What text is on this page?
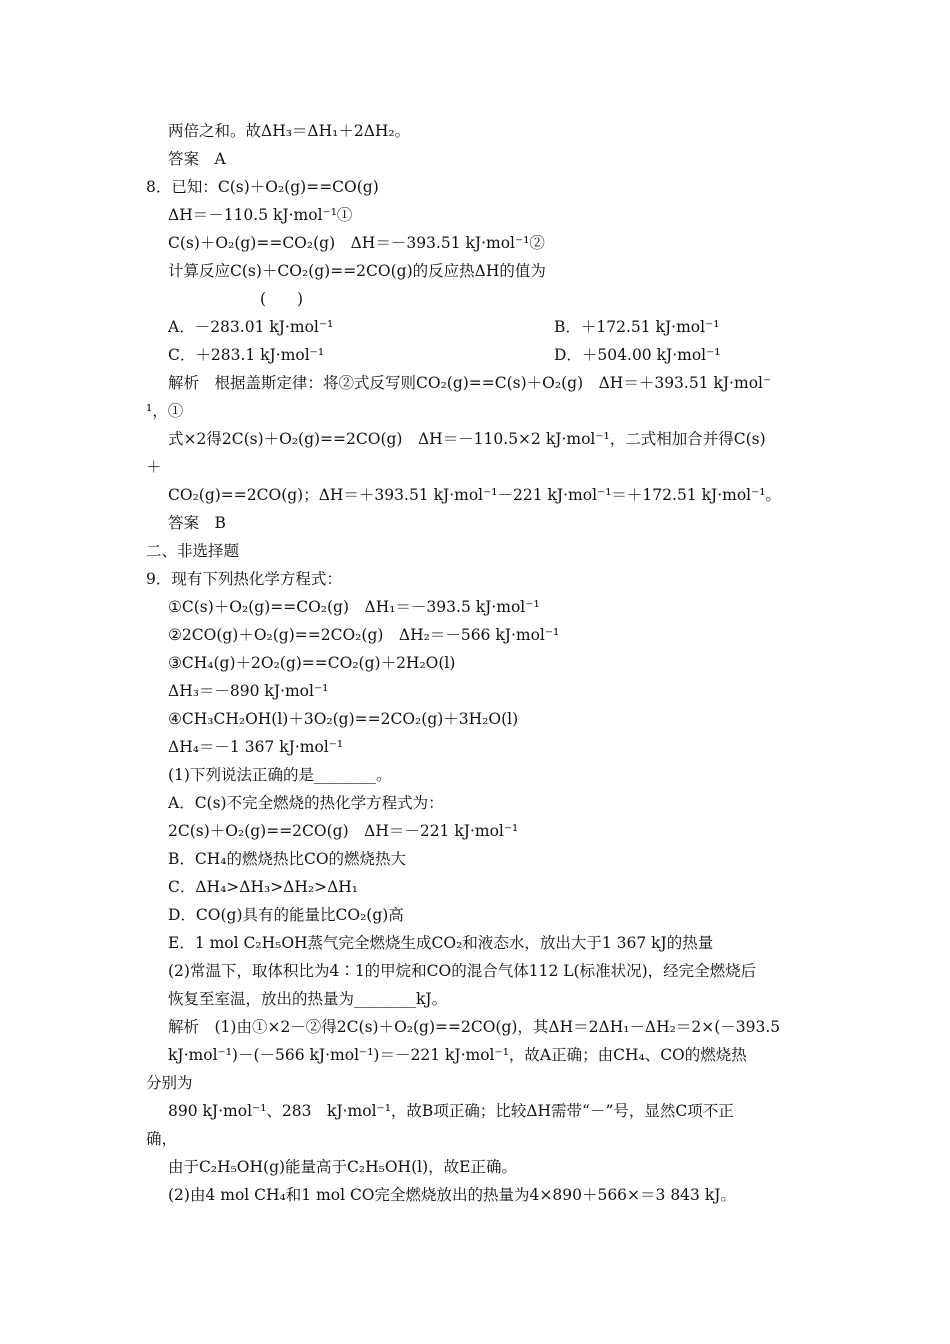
两倍之和。故ΔH₃＝ΔH₁＋2ΔH₂。
答案　A
8．已知：C(s)＋O₂(g)==CO(g)
ΔH＝－110.5 kJ·mol⁻¹①
C(s)＋O₂(g)==CO₂(g)　ΔH＝－393.51 kJ·mol⁻¹②
计算反应C(s)＋CO₂(g)==2CO(g)的反应热ΔH的值为
(　　)
A．－283.01 kJ·mol⁻¹	B．＋172.51 kJ·mol⁻¹
C．＋283.1 kJ·mol⁻¹	D．＋504.00 kJ·mol⁻¹
解析　根据盖斯定律：将②式反写则CO₂(g)==C(s)＋O₂(g)　ΔH＝＋393.51 kJ·mol⁻
¹，①
式×2得2C(s)＋O₂(g)==2CO(g)　ΔH＝－110.5×2 kJ·mol⁻¹，二式相加合并得C(s)
＋
CO₂(g)==2CO(g)；ΔH＝＋393.51 kJ·mol⁻¹－221 kJ·mol⁻¹＝＋172.51 kJ·mol⁻¹。
答案　B
二、非选择题
9．现有下列热化学方程式：
①C(s)＋O₂(g)==CO₂(g)　ΔH₁＝－393.5 kJ·mol⁻¹
②2CO(g)＋O₂(g)==2CO₂(g)　ΔH₂＝－566 kJ·mol⁻¹
③CH₄(g)＋2O₂(g)==CO₂(g)＋2H₂O(l)
ΔH₃＝－890 kJ·mol⁻¹
④CH₃CH₂OH(l)＋3O₂(g)==2CO₂(g)＋3H₂O(l)
ΔH₄＝－1 367 kJ·mol⁻¹
(1)下列说法正确的是________。
A．C(s)不完全燃烧的热化学方程式为：
2C(s)＋O₂(g)==2CO(g)　ΔH＝－221 kJ·mol⁻¹
B．CH₄的燃烧热比CO的燃烧热大
C．ΔH₄>ΔH₃>ΔH₂>ΔH₁
D．CO(g)具有的能量比CO₂(g)高
E．1 mol C₂H₅OH蒸气完全燃烧生成CO₂和液态水，放出大于1 367 kJ的热量
(2)常温下，取体积比为4∶1的甲烷和CO的混合气体112 L(标准状况)，经完全燃烧后
恢复至室温，放出的热量为________kJ。
解析　(1)由①×2－②得2C(s)＋O₂(g)==2CO(g)，其ΔH＝2ΔH₁－ΔH₂＝2×(－393.5
kJ·mol⁻¹)－(－566 kJ·mol⁻¹)＝－221 kJ·mol⁻¹，故A正确；由CH₄、CO的燃烧热
分别为
890 kJ·mol⁻¹、283　kJ·mol⁻¹，故B项正确；比较ΔH需带“－”号，显然C项不正
确，
由于C₂H₅OH(g)能量高于C₂H₅OH(l)，故E正确。
(2)由4 mol CH₄和1 mol CO完全燃烧放出的热量为4×890＋566×＝3 843 kJ。
